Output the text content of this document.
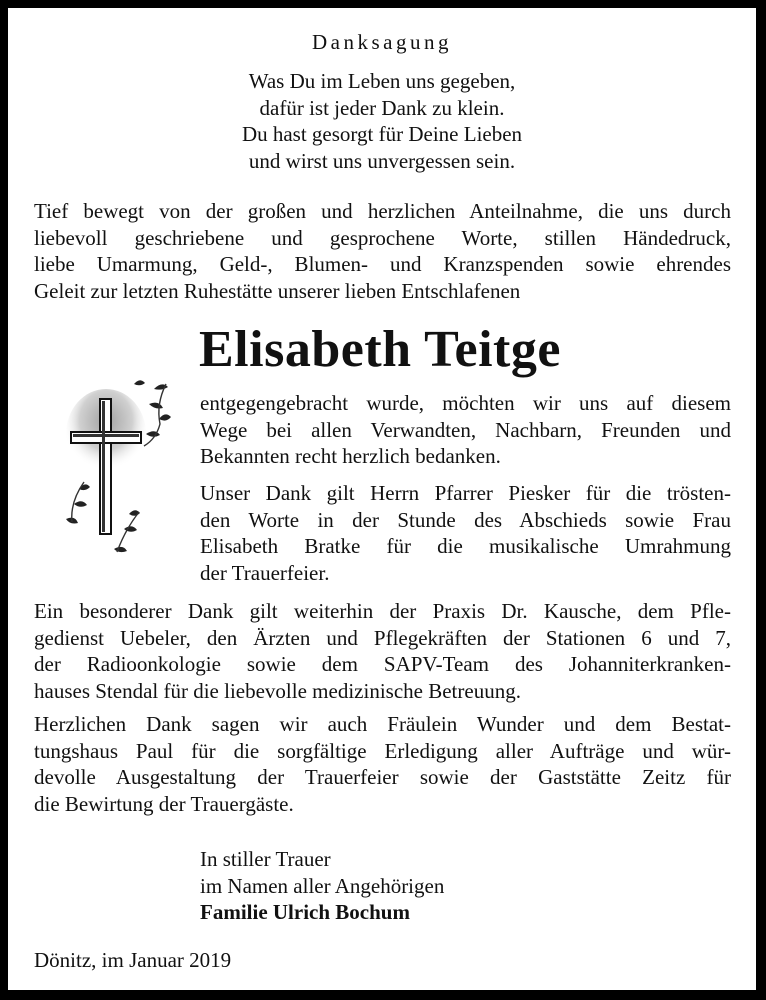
Danksagung
Was Du im Leben uns gegeben,
dafür ist jeder Dank zu klein.
Du hast gesorgt für Deine Lieben
und wirst uns unvergessen sein.
Tief bewegt von der großen und herzlichen Anteilnahme, die uns durch
liebevoll geschriebene und gesprochene Worte, stillen Händedruck,
liebe Umarmung, Geld-, Blumen- und Kranzspenden sowie ehrendes
Geleit zur letzten Ruhestätte unserer lieben Entschlafenen
Elisabeth Teitge
entgegengebracht wurde, möchten wir uns auf diesem
Wege bei allen Verwandten, Nachbarn, Freunden und
Bekannten recht herzlich bedanken.
Unser Dank gilt Herrn Pfarrer Piesker für die trösten-
den Worte in der Stunde des Abschieds sowie Frau
Elisabeth Bratke für die musikalische Umrahmung
der Trauerfeier.
Ein besonderer Dank gilt weiterhin der Praxis Dr. Kausche, dem Pfle-
gedienst Uebeler, den Ärzten und Pflegekräften der Stationen 6 und 7,
der Radioonkologie sowie dem SAPV-Team des Johanniterkranken-
hauses Stendal für die liebevolle medizinische Betreuung.
Herzlichen Dank sagen wir auch Fräulein Wunder und dem Bestat-
tungshaus Paul für die sorgfältige Erledigung aller Aufträge und wür-
devolle Ausgestaltung der Trauerfeier sowie der Gaststätte Zeitz für
die Bewirtung der Trauergäste.
In stiller Trauer
im Namen aller Angehörigen
Familie Ulrich Bochum
Dönitz, im Januar 2019
